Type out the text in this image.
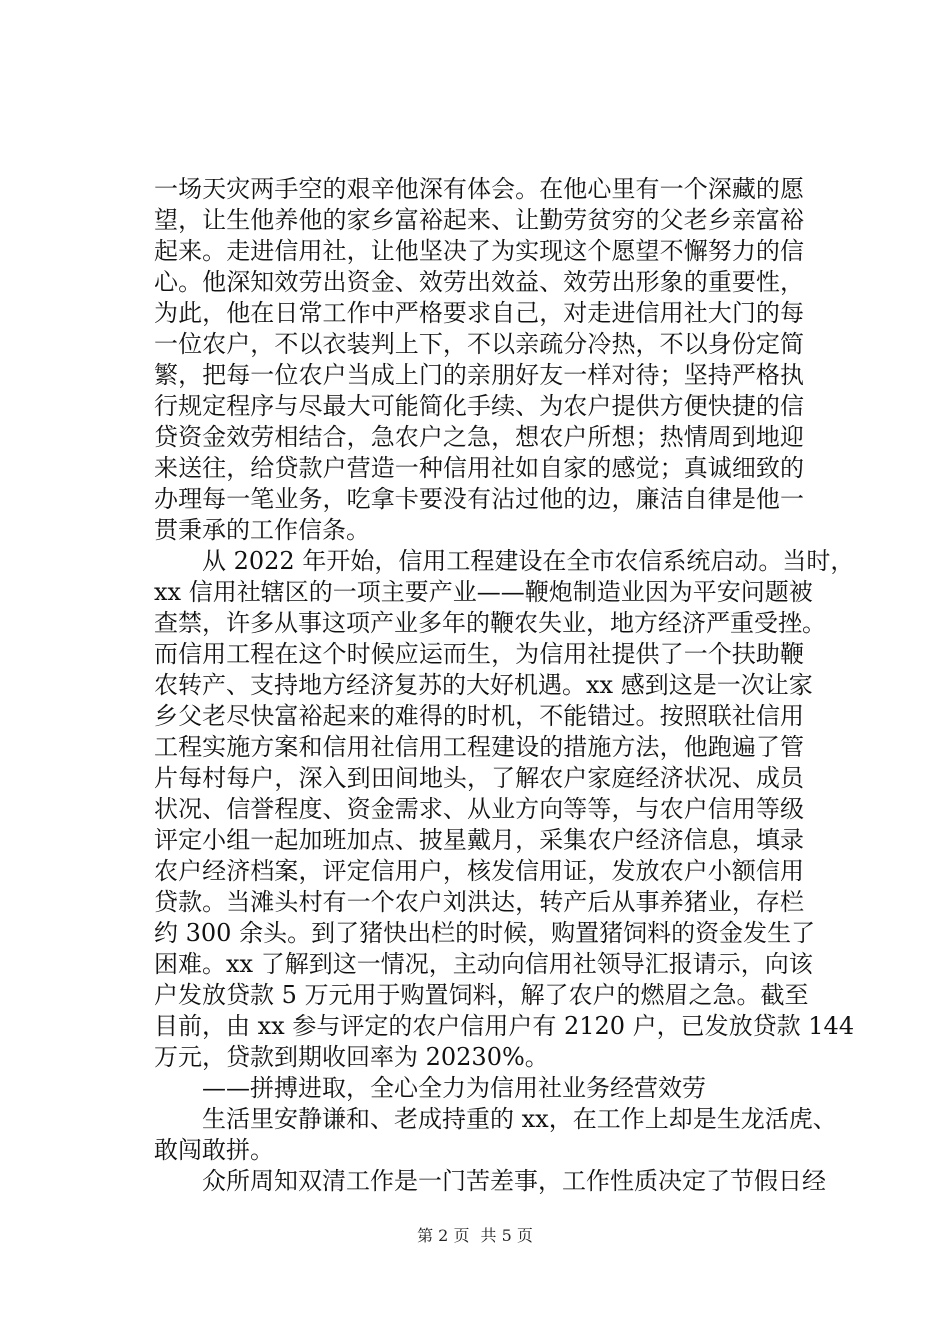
一场天灾两手空的艰辛他深有体会。在他心里有一个深藏的愿
望，让生他养他的家乡富裕起来、让勤劳贫穷的父老乡亲富裕
起来。走进信用社，让他坚决了为实现这个愿望不懈努力的信
心。他深知效劳出资金、效劳出效益、效劳出形象的重要性，
为此，他在日常工作中严格要求自己，对走进信用社大门的每
一位农户，不以衣装判上下，不以亲疏分冷热，不以身份定简
繁，把每一位农户当成上门的亲朋好友一样对待；坚持严格执
行规定程序与尽最大可能简化手续、为农户提供方便快捷的信
贷资金效劳相结合，急农户之急，想农户所想；热情周到地迎
来送往，给贷款户营造一种信用社如自家的感觉；真诚细致的
办理每一笔业务，吃拿卡要没有沾过他的边，廉洁自律是他一
贯秉承的工作信条。

从 2022 年开始，信用工程建设在全市农信系统启动。当时，
xx 信用社辖区的一项主要产业——鞭炮制造业因为平安问题被
查禁，许多从事这项产业多年的鞭农失业，地方经济严重受挫。
而信用工程在这个时候应运而生，为信用社提供了一个扶助鞭
农转产、支持地方经济复苏的大好机遇。xx 感到这是一次让家
乡父老尽快富裕起来的难得的时机，不能错过。按照联社信用
工程实施方案和信用社信用工程建设的措施方法，他跑遍了管
片每村每户，深入到田间地头，了解农户家庭经济状况、成员
状况、信誉程度、资金需求、从业方向等等，与农户信用等级
评定小组一起加班加点、披星戴月，采集农户经济信息，填录
农户经济档案，评定信用户，核发信用证，发放农户小额信用
贷款。当滩头村有一个农户刘洪达，转产后从事养猪业，存栏
约 300 余头。到了猪快出栏的时候，购置猪饲料的资金发生了
困难。xx 了解到这一情况，主动向信用社领导汇报请示，向该
户发放贷款 5 万元用于购置饲料，解了农户的燃眉之急。截至
目前，由 xx 参与评定的农户信用户有 2120 户，已发放贷款 144
万元，贷款到期收回率为 20230%。

——拼搏进取，全心全力为信用社业务经营效劳

生活里安静谦和、老成持重的 xx，在工作上却是生龙活虎、
敢闯敢拼。

众所周知双清工作是一门苦差事，工作性质决定了节假日经

第 2 页 共 5 页
